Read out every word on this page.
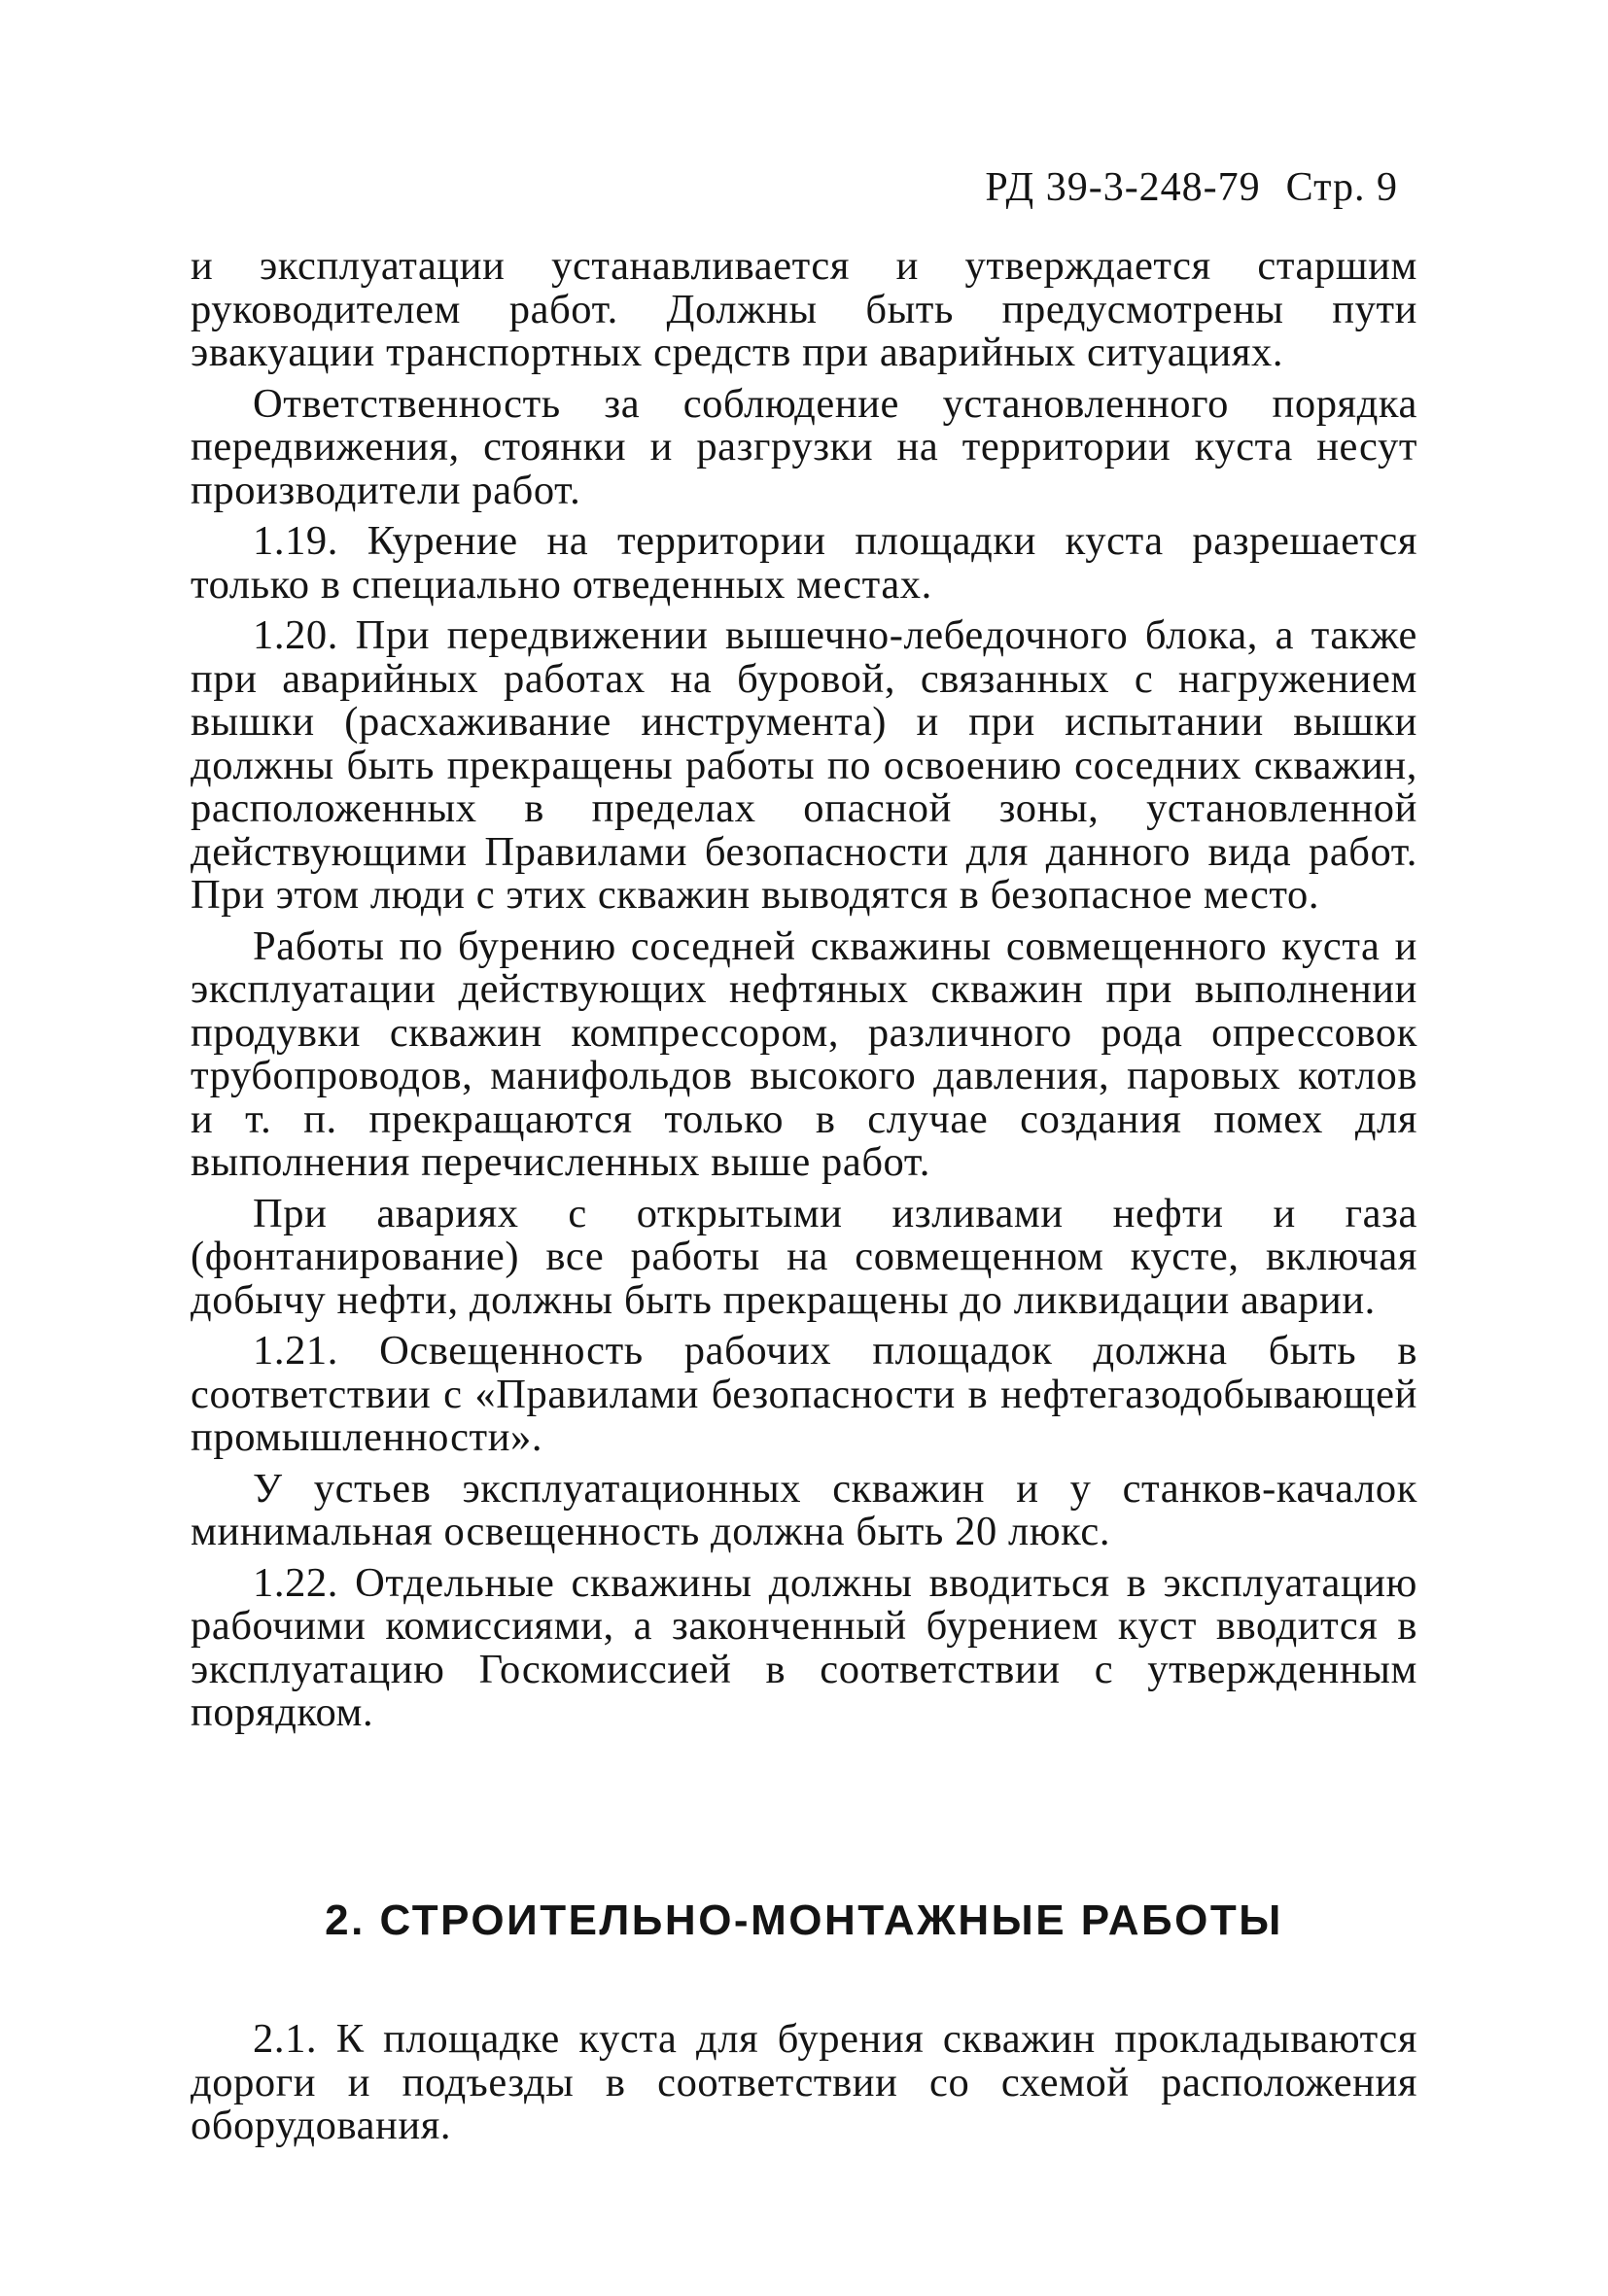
РД 39-3-248-79 Стр. 9

и эксплуатации устанавливается и утверждается старшим руководителем работ. Должны быть предусмотрены пути эвакуации транспортных средств при аварийных ситуациях.

Ответственность за соблюдение установленного порядка передвижения, стоянки и разгрузки на территории куста несут производители работ.

1.19. Курение на территории площадки куста разрешается только в специально отведенных местах.

1.20. При передвижении вышечно-лебедочного блока, а также при аварийных работах на буровой, связанных с нагружением вышки (расхаживание инструмента) и при испытании вышки должны быть прекращены работы по освоению соседних скважин, расположенных в пределах опасной зоны, установленной действующими Правилами безопасности для данного вида работ. При этом люди с этих скважин выводятся в безопасное место.

Работы по бурению соседней скважины совмещенного куста и эксплуатации действующих нефтяных скважин при выполнении продувки скважин компрессором, различного рода опрессовок трубопроводов, манифольдов высокого давления, паровых котлов и т. п. прекращаются только в случае создания помех для выполнения перечисленных выше работ.

При авариях с открытыми изливами нефти и газа (фонтанирование) все работы на совмещенном кусте, включая добычу нефти, должны быть прекращены до ликвидации аварии.

1.21. Освещенность рабочих площадок должна быть в соответствии с «Правилами безопасности в нефтегазодобывающей промышленности».

У устьев эксплуатационных скважин и у станков-качалок минимальная освещенность должна быть 20 люкс.

1.22. Отдельные скважины должны вводиться в эксплуатацию рабочими комиссиями, а законченный бурением куст вводится в эксплуатацию Госкомиссией в соответствии с утвержденным порядком.

2. СТРОИТЕЛЬНО-МОНТАЖНЫЕ РАБОТЫ

2.1. К площадке куста для бурения скважин прокладываются дороги и подъезды в соответствии со схемой расположения оборудования.
